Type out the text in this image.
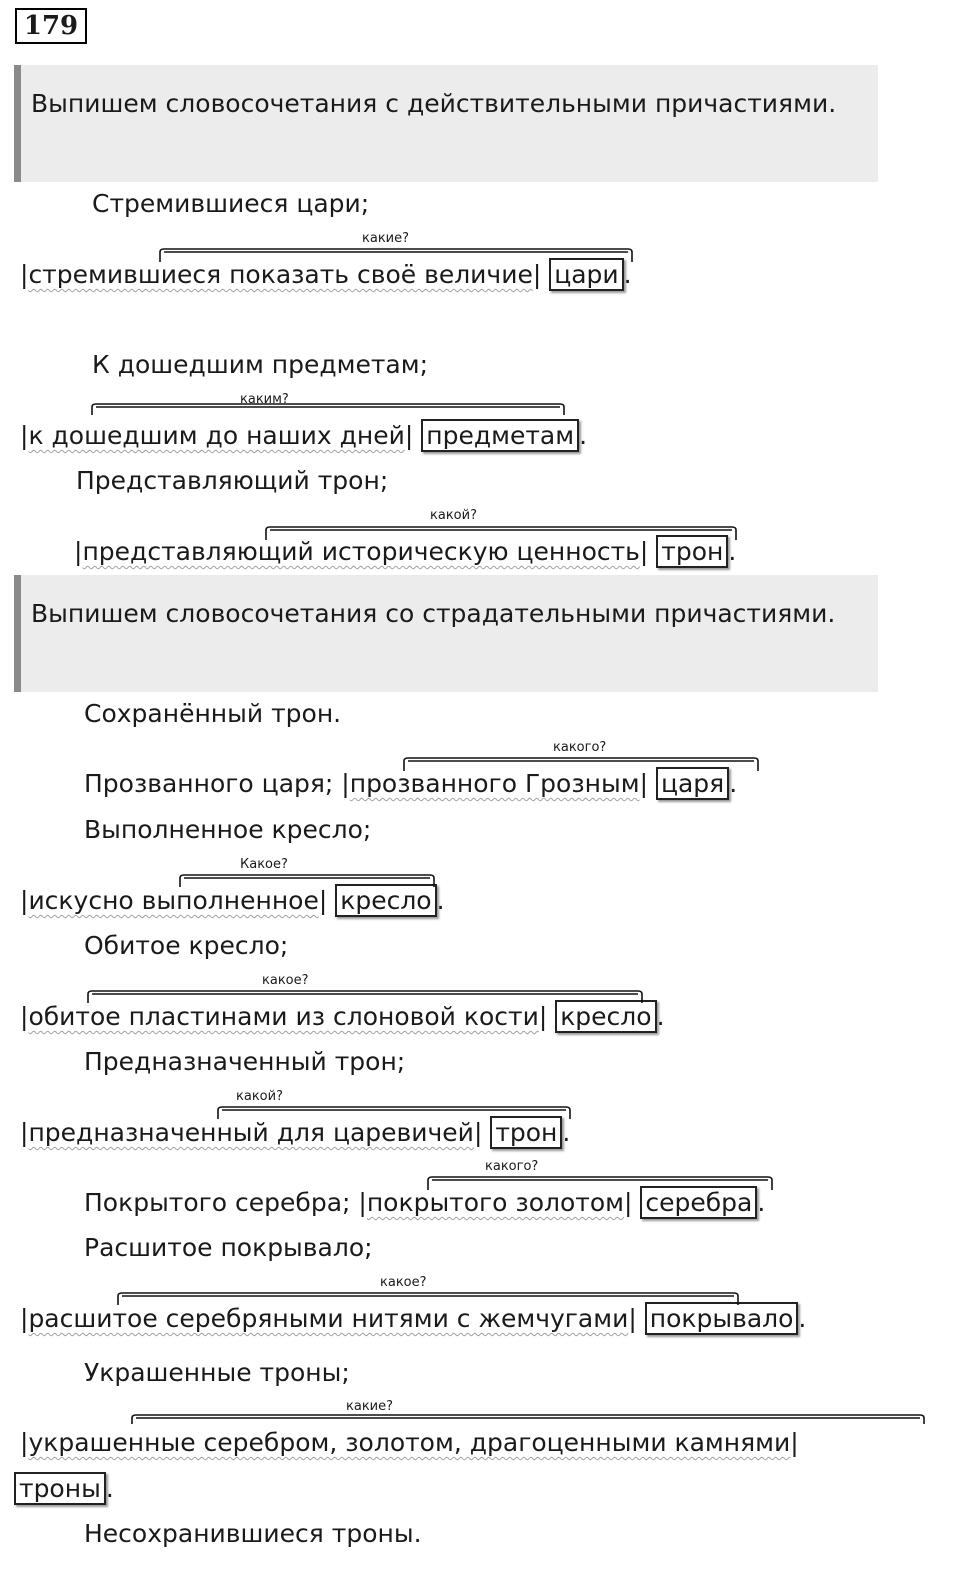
179
Выпишем словосочетания с действительными причастиями.
Стремившиеся цари;
какие?
|стремившиеся показать своё величие| цари .
К дошедшим предметам;
каким?
|к дошедшим до наших дней| предметам .
Представляющий трон;
какой?
|представляющий историческую ценность| трон .
Выпишем словосочетания со страдательными причастиями.
Сохранённый трон.
какого?
Прозванного царя; |прозванного Грозным| царя .
Выполненное кресло;
Какое?
|искусно выполненное| кресло .
Обитое кресло;
какое?
|обитое пластинами из слоновой кости| кресло .
Предназначенный трон;
какой?
|предназначенный для царевичей| трон .
какого?
Покрытого серебра; |покрытого золотом| серебра .
Расшитое покрывало;
какое?
|расшитое серебряными нитями с жемчугами| покрывало .
Украшенные троны;
какие?
|украшенные серебром, золотом, драгоценными камнями|
троны .
Несохранившиеся троны.
